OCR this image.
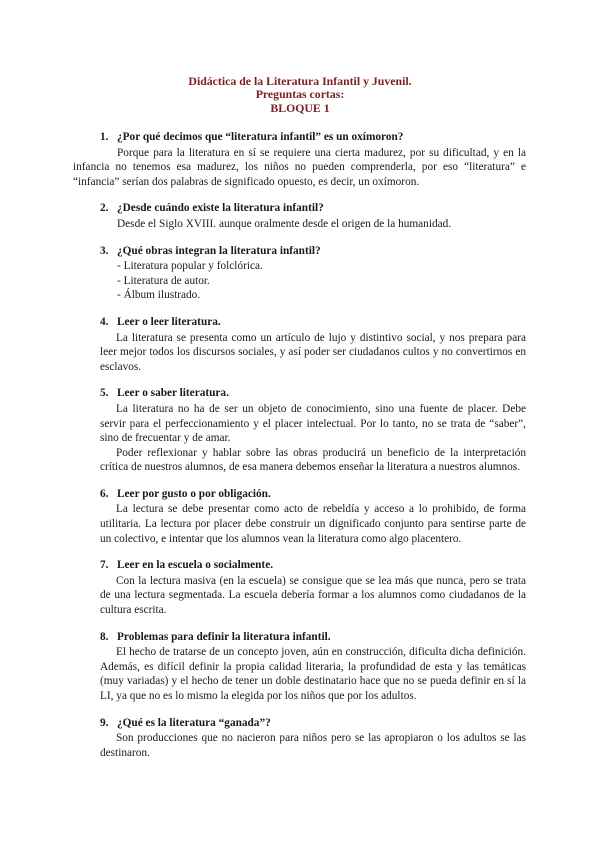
Didáctica de la Literatura Infantil y Juvenil.
Preguntas cortas:
BLOQUE 1
1. ¿Por qué decimos que “literatura infantil” es un oxímoron?

Porque para la literatura en sí se requiere una cierta madurez, por su dificultad, y en la infancia no tenemos esa madurez, los niños no pueden comprenderla, por eso “literatura” e “infancia” serían dos palabras de significado opuesto, es decir, un oxímoron.

2. ¿Desde cuándo existe la literatura infantil?

Desde el Siglo XVIII. aunque oralmente desde el origen de la humanidad.

3. ¿Qué obras integran la literatura infantil?
- Literatura popular y folclórica.
- Literatura de autor.
- Álbum ilustrado.
4. Leer o leer literatura.

La literatura se presenta como un artículo de lujo y distintivo social, y nos prepara para leer mejor todos los discursos sociales, y así poder ser ciudadanos cultos y no convertirnos en esclavos.

5. Leer o saber literatura.

La literatura no ha de ser un objeto de conocimiento, sino una fuente de placer. Debe servir para el perfeccionamiento y el placer intelectual. Por lo tanto, no se trata de “saber”, sino de frecuentar y de amar.

Poder reflexionar y hablar sobre las obras producirá un beneficio de la interpretación crítica de nuestros alumnos, de esa manera debemos enseñar la literatura a nuestros alumnos.

6. Leer por gusto o por obligación.

La lectura se debe presentar como acto de rebeldía y acceso a lo prohibido, de forma utilitaria. La lectura por placer debe construir un dignificado conjunto para sentirse parte de un colectivo, e intentar que los alumnos vean la literatura como algo placentero.

7. Leer en la escuela o socialmente.

Con la lectura masiva (en la escuela) se consigue que se lea más que nunca, pero se trata de una lectura segmentada. La escuela debería formar a los alumnos como ciudadanos de la cultura escrita.

8. Problemas para definir la literatura infantil.

El hecho de tratarse de un concepto joven, aún en construcción, dificulta dicha definición. Además, es difícil definir la propia calidad literaria, la profundidad de esta y las temáticas (muy variadas) y el hecho de tener un doble destinatario hace que no se pueda definir en sí la LI, ya que no es lo mismo la elegida por los niños que por los adultos.

9. ¿Qué es la literatura “ganada”?

Son producciones que no nacieron para niños pero se las apropiaron o los adultos se las destinaron.
